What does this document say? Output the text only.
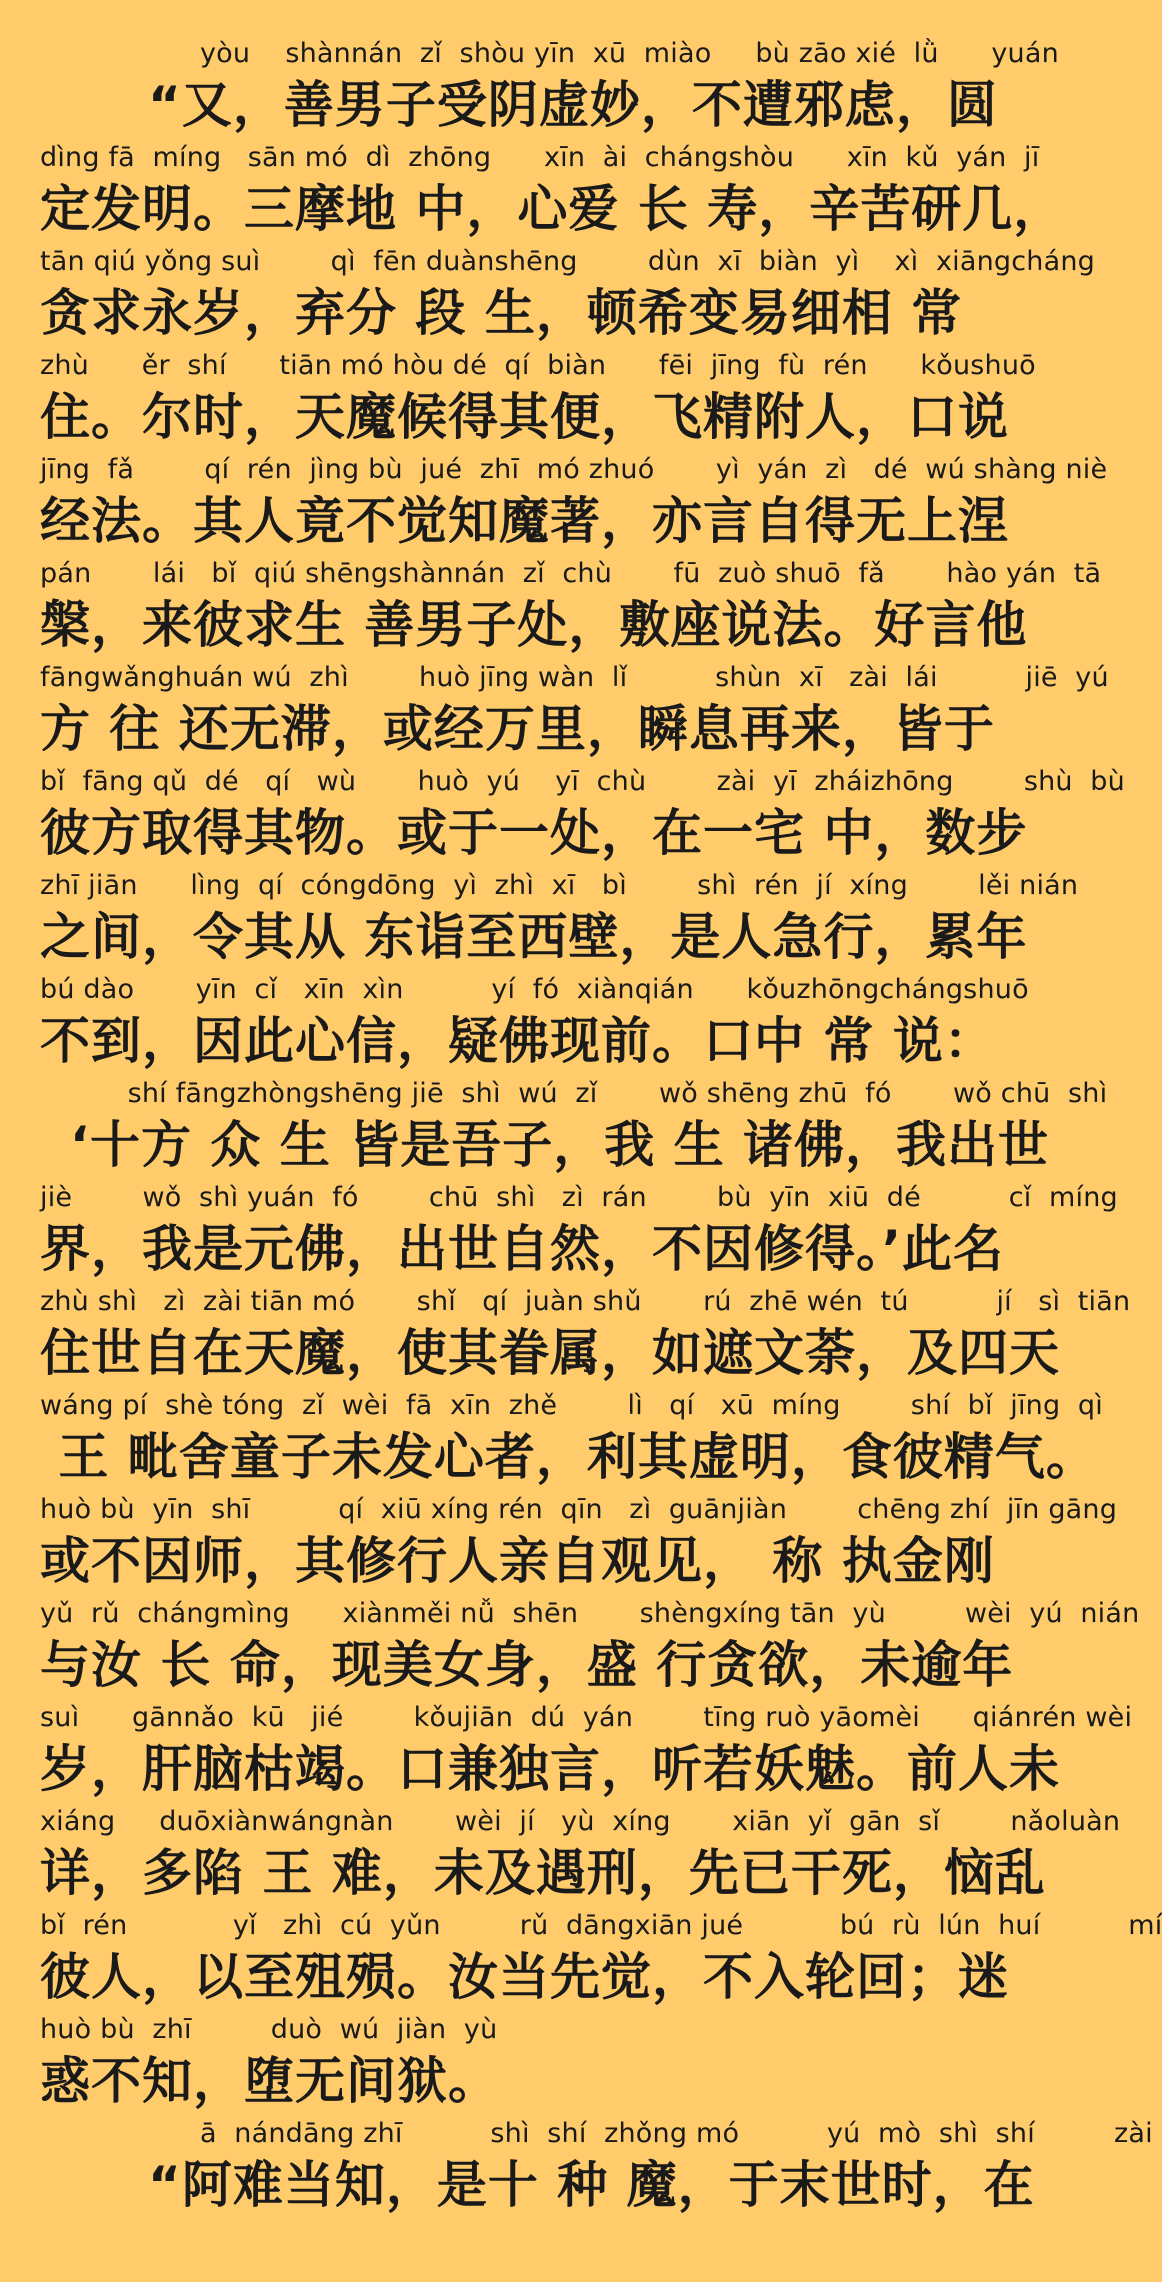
yòu    shànnán  zǐ  shòu yīn  xū  miào     bù zāo xié  lǜ      yuán
“又，善男子受阴虚妙，不遭邪虑，圆
dìng fā  míng   sān mó  dì  zhōng      xīn  ài  chángshòu      xīn  kǔ  yán  jī
定发明。三摩地 中，心爱 长 寿，辛苦研几，
tān qiú yǒng suì        qì  fēn duànshēng        dùn  xī  biàn  yì    xì  xiāngcháng
贪求永岁，弃分 段 生，顿希变易细相 常
zhù      ěr  shí      tiān mó hòu dé  qí  biàn      fēi  jīng  fù  rén      kǒushuō
住。尔时，天魔候得其便，飞精附人，口说
jīng  fǎ        qí  rén  jìng bù  jué  zhī  mó zhuó       yì  yán  zì   dé  wú shàng niè
经法。其人竟不觉知魔著，亦言自得无上涅
pán       lái   bǐ  qiú shēngshànnán  zǐ  chù       fū  zuò shuō  fǎ       hào yán  tā
槃，来彼求生 善男子处，敷座说法。好言他
fāngwǎnghuán wú  zhì        huò jīng wàn  lǐ          shùn  xī   zài  lái          jiē  yú
方 往 还无滞，或经万里，瞬息再来，皆于
bǐ  fāng qǔ  dé   qí   wù       huò  yú    yī  chù        zài  yī  zháizhōng        shù  bù
彼方取得其物。或于一处，在一宅 中，数步
zhī jiān      lìng  qí  cóngdōng  yì  zhì  xī   bì        shì  rén  jí  xíng        lěi nián
之间，令其从 东诣至西壁，是人急行，累年
bú dào       yīn  cǐ   xīn  xìn          yí  fó  xiànqián      kǒuzhōngchángshuō
不到，因此心信，疑佛现前。口中 常 说：
shí fāngzhòngshēng jiē  shì  wú  zǐ       wǒ shēng zhū  fó       wǒ chū  shì
‘十方 众 生 皆是吾子，我 生 诸佛，我出世
jiè        wǒ  shì yuán  fó        chū  shì   zì  rán        bù  yīn  xiū  dé          cǐ  míng
界，我是元佛，出世自然，不因修得。’此名
zhù shì   zì  zài tiān mó       shǐ   qí  juàn shǔ       rú  zhē wén  tú          jí   sì  tiān
住世自在天魔，使其眷属，如遮文荼，及四天
wáng pí  shè tóng  zǐ  wèi  fā  xīn  zhě        lì   qí   xū  míng        shí  bǐ  jīng  qì
王 毗舍童子未发心者，利其虚明，食彼精气。
huò bù  yīn  shī          qí  xiū xíng rén  qīn   zì  guānjiàn        chēng zhí  jīn gāng
或不因师，其修行人亲自观见， 称 执金刚
yǔ  rǔ  chángmìng      xiànměi nǚ  shēn       shèngxíng tān  yù         wèi  yú  nián
与汝 长 命，现美女身，盛 行贪欲，未逾年
suì      gānnǎo  kū   jié        kǒujiān  dú  yán        tīng ruò yāomèi      qiánrén wèi
岁，肝脑枯竭。口兼独言，听若妖魅。前人未
xiáng     duōxiànwángnàn       wèi  jí   yù  xíng       xiān  yǐ  gān  sǐ        nǎoluàn
详，多陷 王 难，未及遇刑，先已干死，恼乱
bǐ  rén            yǐ   zhì  cú  yǔn         rǔ  dāngxiān jué           bú  rù  lún  huí          mí
彼人，以至殂殒。汝当先觉，不入轮回；迷
huò bù  zhī         duò  wú  jiàn  yù
惑不知，堕无间狱。
ā  nándāng zhī          shì  shí  zhǒng mó          yú  mò  shì  shí         zài
“阿难当知，是十 种 魔，于末世时，在
